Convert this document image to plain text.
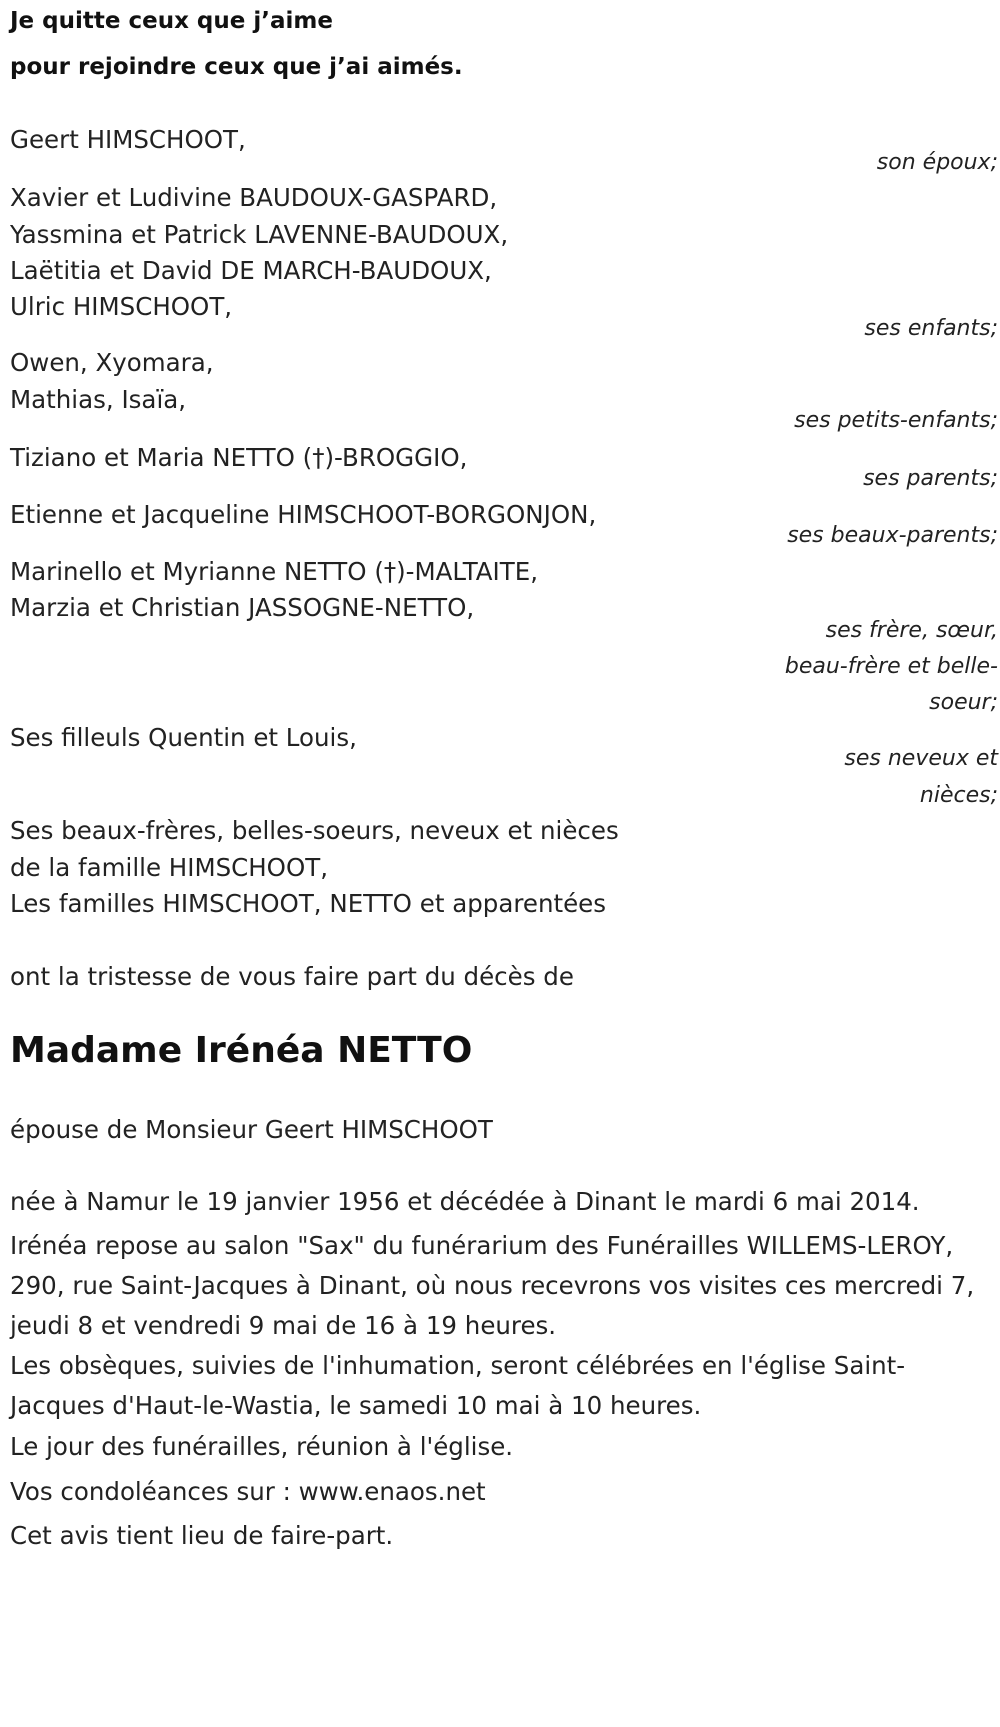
Je quitte ceux que j’aime
pour rejoindre ceux que j’ai aimés.
Geert HIMSCHOOT,
son époux;
Xavier et Ludivine BAUDOUX-GASPARD,
Yassmina et Patrick LAVENNE-BAUDOUX,
Laëtitia et David DE MARCH-BAUDOUX,
Ulric HIMSCHOOT,
ses enfants;
Owen, Xyomara,
Mathias, Isaïa,
ses petits-enfants;
Tiziano et Maria NETTO (†)-BROGGIO,
ses parents;
Etienne et Jacqueline HIMSCHOOT-BORGONJON,
ses beaux-parents;
Marinello et Myrianne NETTO (†)-MALTAITE,
Marzia et Christian JASSOGNE-NETTO,
ses frère, sœur,
beau-frère et belle-
soeur;
Ses filleuls Quentin et Louis,
ses neveux et
nièces;
Ses beaux-frères, belles-soeurs, neveux et nièces
de la famille HIMSCHOOT,
Les familles HIMSCHOOT, NETTO et apparentées
ont la tristesse de vous faire part du décès de
Madame Irénéa NETTO
épouse de Monsieur Geert HIMSCHOOT
née à Namur le 19 janvier 1956 et décédée à Dinant le mardi 6 mai 2014.
Irénéa repose au salon "Sax" du funérarium des Funérailles WILLEMS-LEROY, 290, rue Saint-Jacques à Dinant, où nous recevrons vos visites ces mercredi 7, jeudi 8 et vendredi 9 mai de 16 à 19 heures.
Les obsèques, suivies de l'inhumation, seront célébrées en l'église Saint-Jacques d'Haut-le-Wastia, le samedi 10 mai à 10 heures.
Le jour des funérailles, réunion à l'église.
Vos condoléances sur : www.enaos.net
Cet avis tient lieu de faire-part.
